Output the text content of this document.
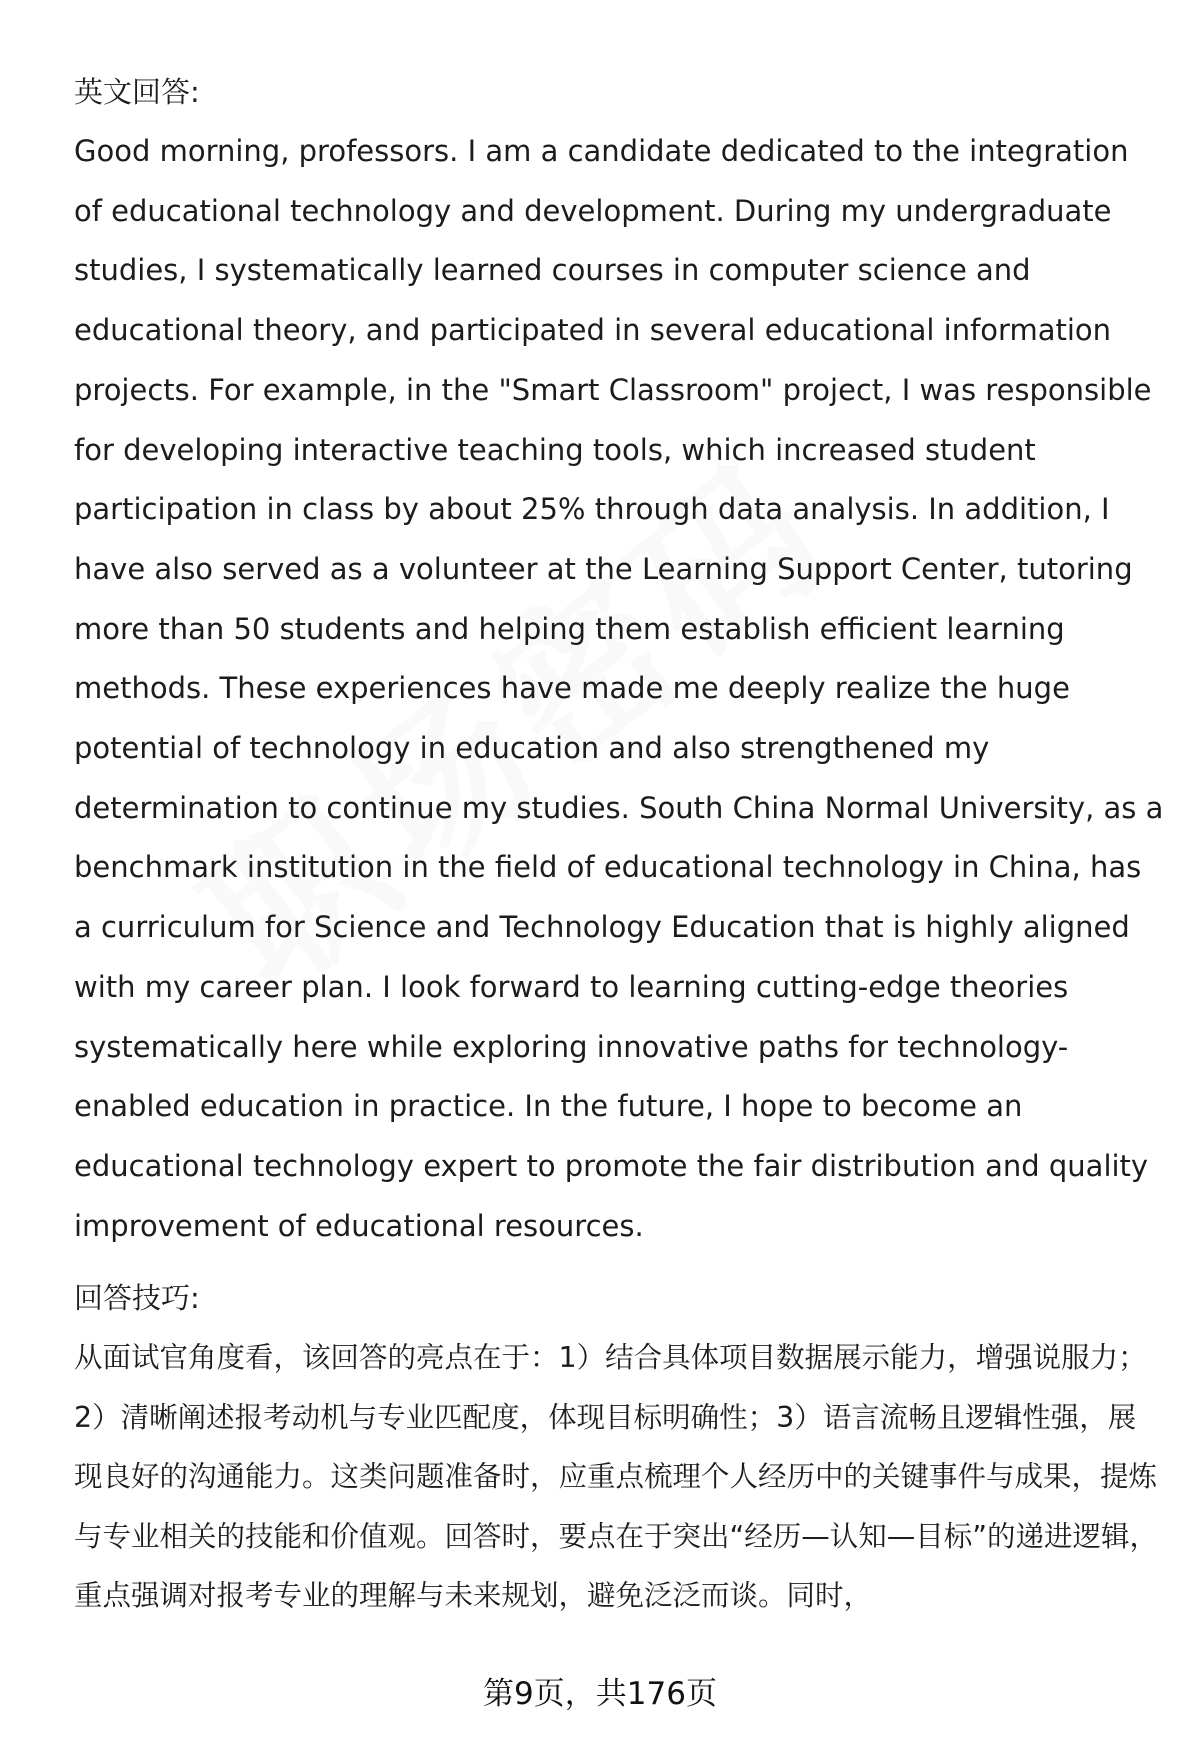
英文回答:

Good morning, professors. I am a candidate dedicated to the integration of educational technology and development. During my undergraduate studies, I systematically learned courses in computer science and educational theory, and participated in several educational information projects. For example, in the "Smart Classroom" project, I was responsible for developing interactive teaching tools, which increased student participation in class by about 25% through data analysis. In addition, I have also served as a volunteer at the Learning Support Center, tutoring more than 50 students and helping them establish efficient learning methods. These experiences have made me deeply realize the huge potential of technology in education and also strengthened my determination to continue my studies. South China Normal University, as a benchmark institution in the field of educational technology in China, has a curriculum for Science and Technology Education that is highly aligned with my career plan. I look forward to learning cutting-edge theories systematically here while exploring innovative paths for technology-enabled education in practice. In the future, I hope to become an educational technology expert to promote the fair distribution and quality improvement of educational resources.

回答技巧:

从面试官角度看，该回答的亮点在于：1）结合具体项目数据展示能力，增强说服力；2）清晰阐述报考动机与专业匹配度，体现目标明确性；3）语言流畅且逻辑性强，展现良好的沟通能力。这类问题准备时，应重点梳理个人经历中的关键事件与成果，提炼与专业相关的技能和价值观。回答时，要点在于突出“经历—认知—目标”的递进逻辑，重点强调对报考专业的理解与未来规划，避免泛泛而谈。同时，

第9页，共176页
